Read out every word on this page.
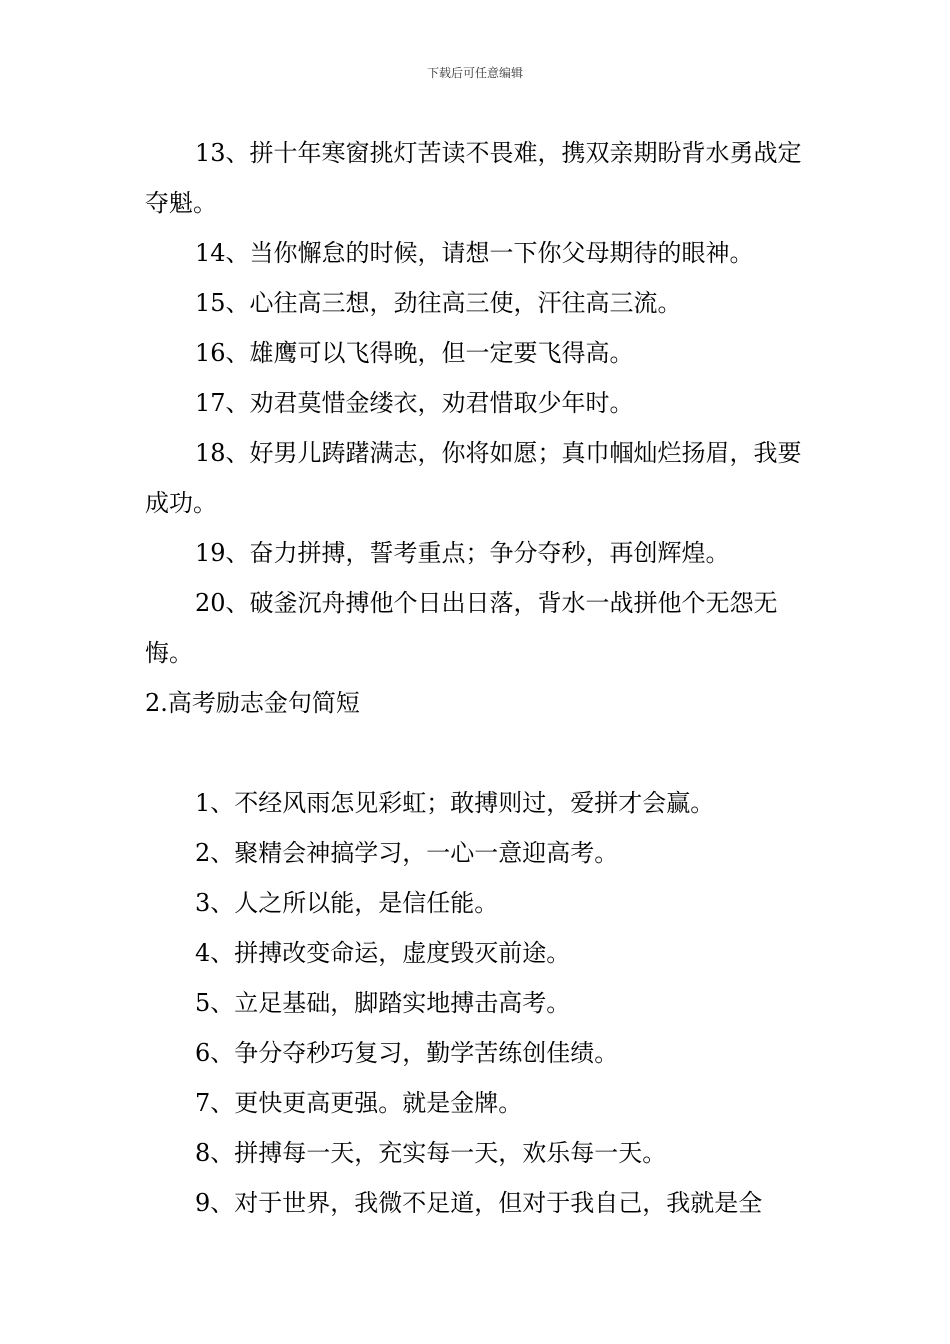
下载后可任意编辑

13、拼十年寒窗挑灯苦读不畏难，携双亲期盼背水勇战定夺魁。

14、当你懈怠的时候，请想一下你父母期待的眼神。

15、心往高三想，劲往高三使，汗往高三流。

16、雄鹰可以飞得晚，但一定要飞得高。

17、劝君莫惜金缕衣，劝君惜取少年时。

18、好男儿踌躇满志，你将如愿；真巾帼灿烂扬眉，我要成功。

19、奋力拼搏，誓考重点；争分夺秒，再创辉煌。

20、破釜沉舟搏他个日出日落，背水一战拼他个无怨无悔。

2.高考励志金句简短

1、不经风雨怎见彩虹；敢搏则过，爱拼才会赢。

2、聚精会神搞学习，一心一意迎高考。

3、人之所以能，是信任能。

4、拼搏改变命运，虚度毁灭前途。

5、立足基础，脚踏实地搏击高考。

6、争分夺秒巧复习，勤学苦练创佳绩。

7、更快更高更强。就是金牌。

8、拼搏每一天，充实每一天，欢乐每一天。

9、对于世界，我微不足道，但对于我自己，我就是全
